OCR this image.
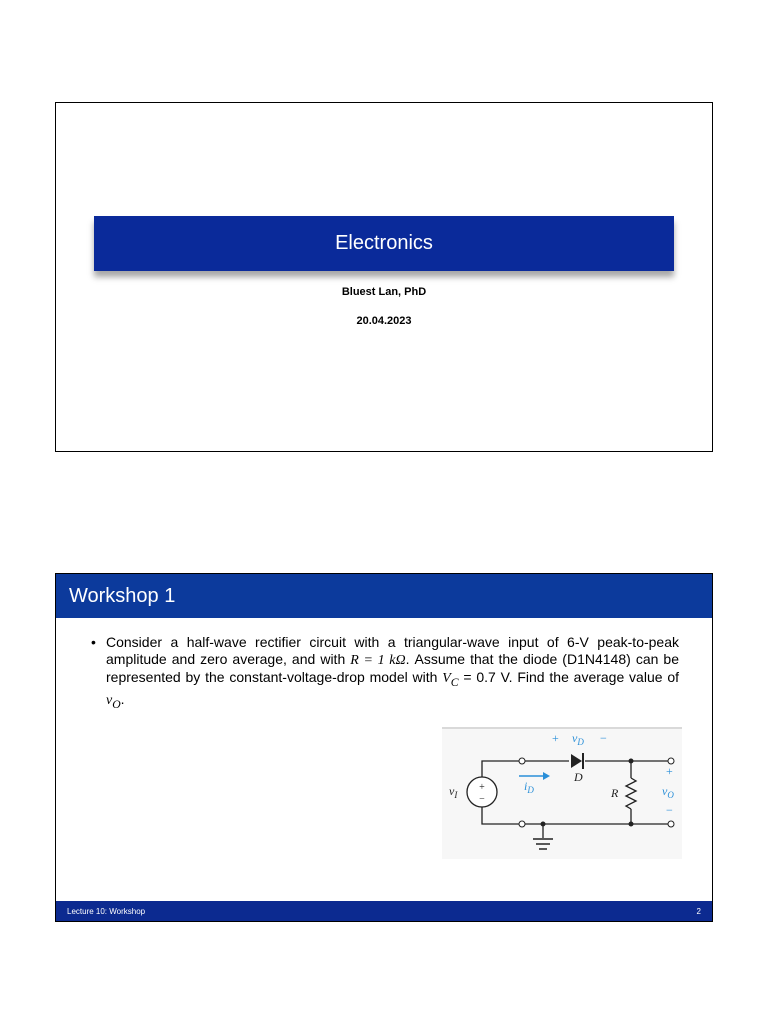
Electronics
Bluest Lan, PhD
20.04.2023
Workshop 1
• Consider a half-wave rectifier circuit with a triangular-wave input of 6-V peak-to-peak amplitude and zero average, and with R = 1 kΩ. Assume that the diode (D1N4148) can be represented by the constant-voltage-drop model with $V_C = 0.7$ V. Find the average value of $v_O$.
+
−
+ $v_D$ −
D
$i_D$
$v_I$	R
+
$v_O$
−
Lecture 10: Workshop	2
